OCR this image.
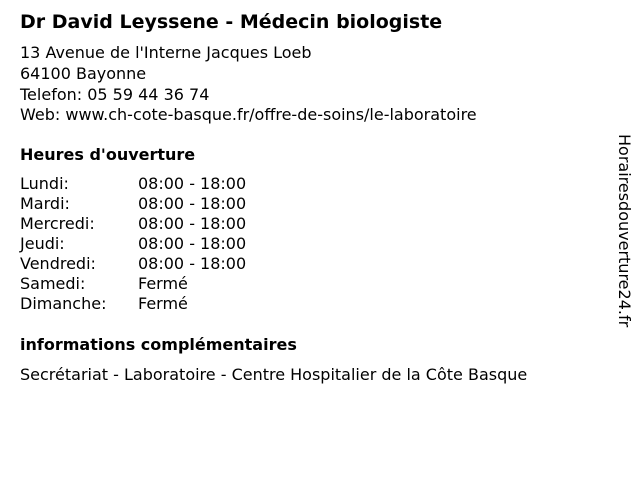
Dr David Leyssene - Médecin biologiste
13 Avenue de l'Interne Jacques Loeb
64100 Bayonne
Telefon: 05 59 44 36 74
Web: www.ch-cote-basque.fr/offre-de-soins/le-laboratoire
Heures d'ouverture
Lundi:	08:00 - 18:00
Mardi:	08:00 - 18:00
Mercredi:	08:00 - 18:00
Jeudi:	08:00 - 18:00
Vendredi:	08:00 - 18:00
Samedi:	Fermé
Dimanche: Fermé
informations complémentaires
Secrétariat - Laboratoire - Centre Hospitalier de la Côte Basque
Horairesdouverture24.fr
